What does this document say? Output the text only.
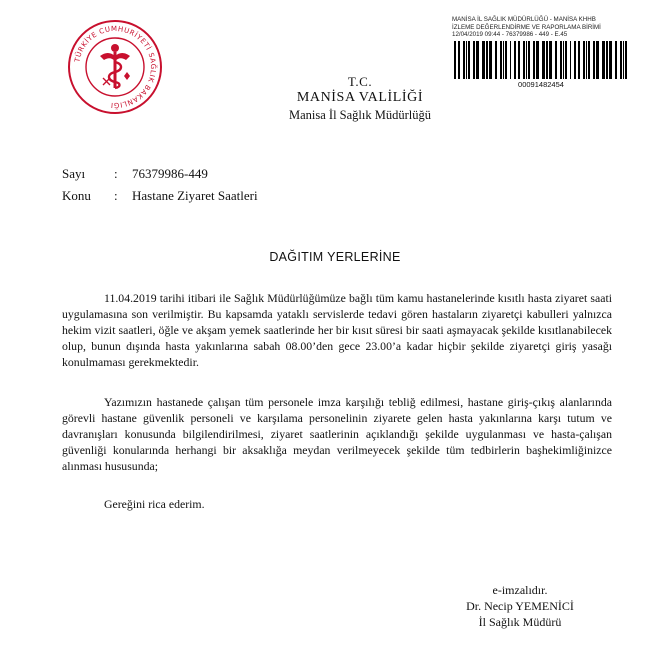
TÜRKİYE CUMHURİYETİ SAĞLIK BAKANLIĞI
MANİSA İL SAĞLIK MÜDÜRLÜĞÜ - MANİSA KHHB
İZLEME DEĞERLENDİRME VE RAPORLAMA BİRİMİ
12/04/2019 09:44 - 76379986 - 449 - E.45
00091482454
T.C.
MANİSA VALİLİĞİ
Manisa İl Sağlık Müdürlüğü
Sayı : 76379986-449
Konu : Hastane Ziyaret Saatleri
DAĞITIM YERLERİNE

11.04.2019 tarihi itibari ile Sağlık Müdürlüğümüze bağlı tüm kamu hastanelerinde kısıtlı hasta ziyaret saati uygulamasına son verilmiştir. Bu kapsamda yataklı servislerde tedavi gören hastaların ziyaretçi kabulleri yalnızca hekim vizit saatleri, öğle ve akşam yemek saatlerinde her bir kısıt süresi bir saati aşmayacak şekilde kısıtlanabilecek olup, bunun dışında hasta yakınlarına sabah 08.00’den gece 23.00’a kadar hiçbir şekilde ziyaretçi giriş yasağı konulmaması gerekmektedir.

Yazımızın hastanede çalışan tüm personele imza karşılığı tebliğ edilmesi, hastane giriş-çıkış alanlarında görevli hastane güvenlik personeli ve karşılama personelinin ziyarete gelen hasta yakınlarına karşı tutum ve davranışları konusunda bilgilendirilmesi, ziyaret saatlerinin açıklandığı şekilde uygulanması ve hasta-çalışan güvenliği konularında herhangi bir aksaklığa meydan verilmeyecek şekilde tüm tedbirlerin başhekimliğinizce alınması hususunda;

Gereğini rica ederim.

e-imzalıdır.
Dr. Necip YEMENİCİ
İl Sağlık Müdürü
